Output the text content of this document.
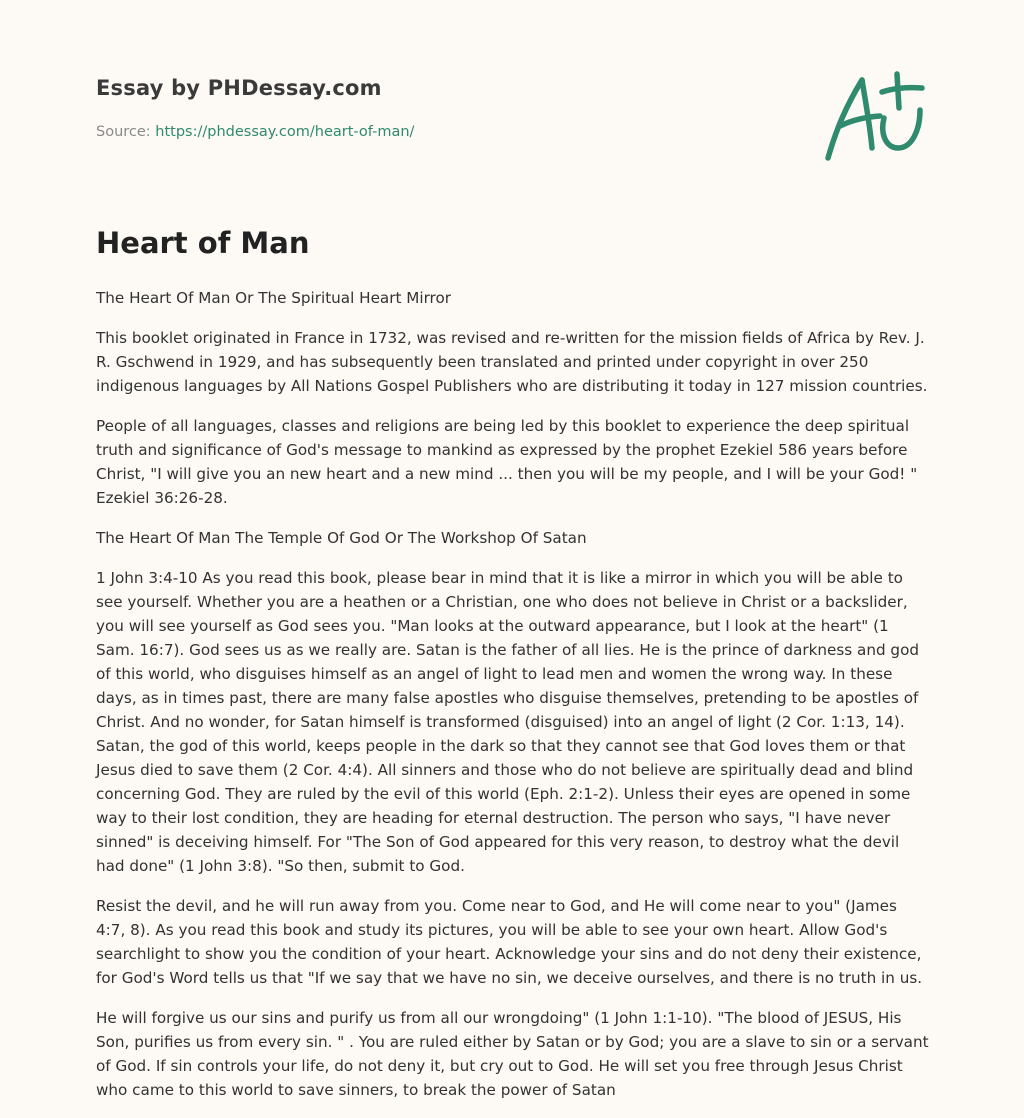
Essay by PHDessay.com
Source: https://phdessay.com/heart-of-man/
Heart of Man

The Heart Of Man Or The Spiritual Heart Mirror

This booklet originated in France in 1732, was revised and re-written for the mission fields of Africa by Rev. J. R. Gschwend in 1929, and has subsequently been translated and printed under copyright in over 250 indigenous languages by All Nations Gospel Publishers who are distributing it today in 127 mission countries.

People of all languages, classes and religions are being led by this booklet to experience the deep spiritual truth and significance of God's message to mankind as expressed by the prophet Ezekiel 586 years before Christ, "I will give you an new heart and a new mind ... then you will be my people, and I will be your God! " Ezekiel 36:26-28.

The Heart Of Man The Temple Of God Or The Workshop Of Satan

1 John 3:4-10 As you read this book, please bear in mind that it is like a mirror in which you will be able to see yourself. Whether you are a heathen or a Christian, one who does not believe in Christ or a backslider, you will see yourself as God sees you. "Man looks at the outward appearance, but I look at the heart" (1 Sam. 16:7). God sees us as we really are. Satan is the father of all lies. He is the prince of darkness and god of this world, who disguises himself as an angel of light to lead men and women the wrong way. In these days, as in times past, there are many false apostles who disguise themselves, pretending to be apostles of Christ. And no wonder, for Satan himself is transformed (disguised) into an angel of light (2 Cor. 1:13, 14). Satan, the god of this world, keeps people in the dark so that they cannot see that God loves them or that Jesus died to save them (2 Cor. 4:4). All sinners and those who do not believe are spiritually dead and blind concerning God. They are ruled by the evil of this world (Eph. 2:1-2). Unless their eyes are opened in some way to their lost condition, they are heading for eternal destruction. The person who says, "I have never sinned" is deceiving himself. For "The Son of God appeared for this very reason, to destroy what the devil had done" (1 John 3:8). "So then, submit to God.

Resist the devil, and he will run away from you. Come near to God, and He will come near to you" (James 4:7, 8). As you read this book and study its pictures, you will be able to see your own heart. Allow God's searchlight to show you the condition of your heart. Acknowledge your sins and do not deny their existence, for God's Word tells us that "If we say that we have no sin, we deceive ourselves, and there is no truth in us.

He will forgive us our sins and purify us from all our wrongdoing" (1 John 1:1-10). "The blood of JESUS, His Son, purifies us from every sin. " . You are ruled either by Satan or by God; you are a slave to sin or a servant of God. If sin controls your life, do not deny it, but cry out to God. He will set you free through Jesus Christ who came to this world to save sinners, to break the power of Satan
